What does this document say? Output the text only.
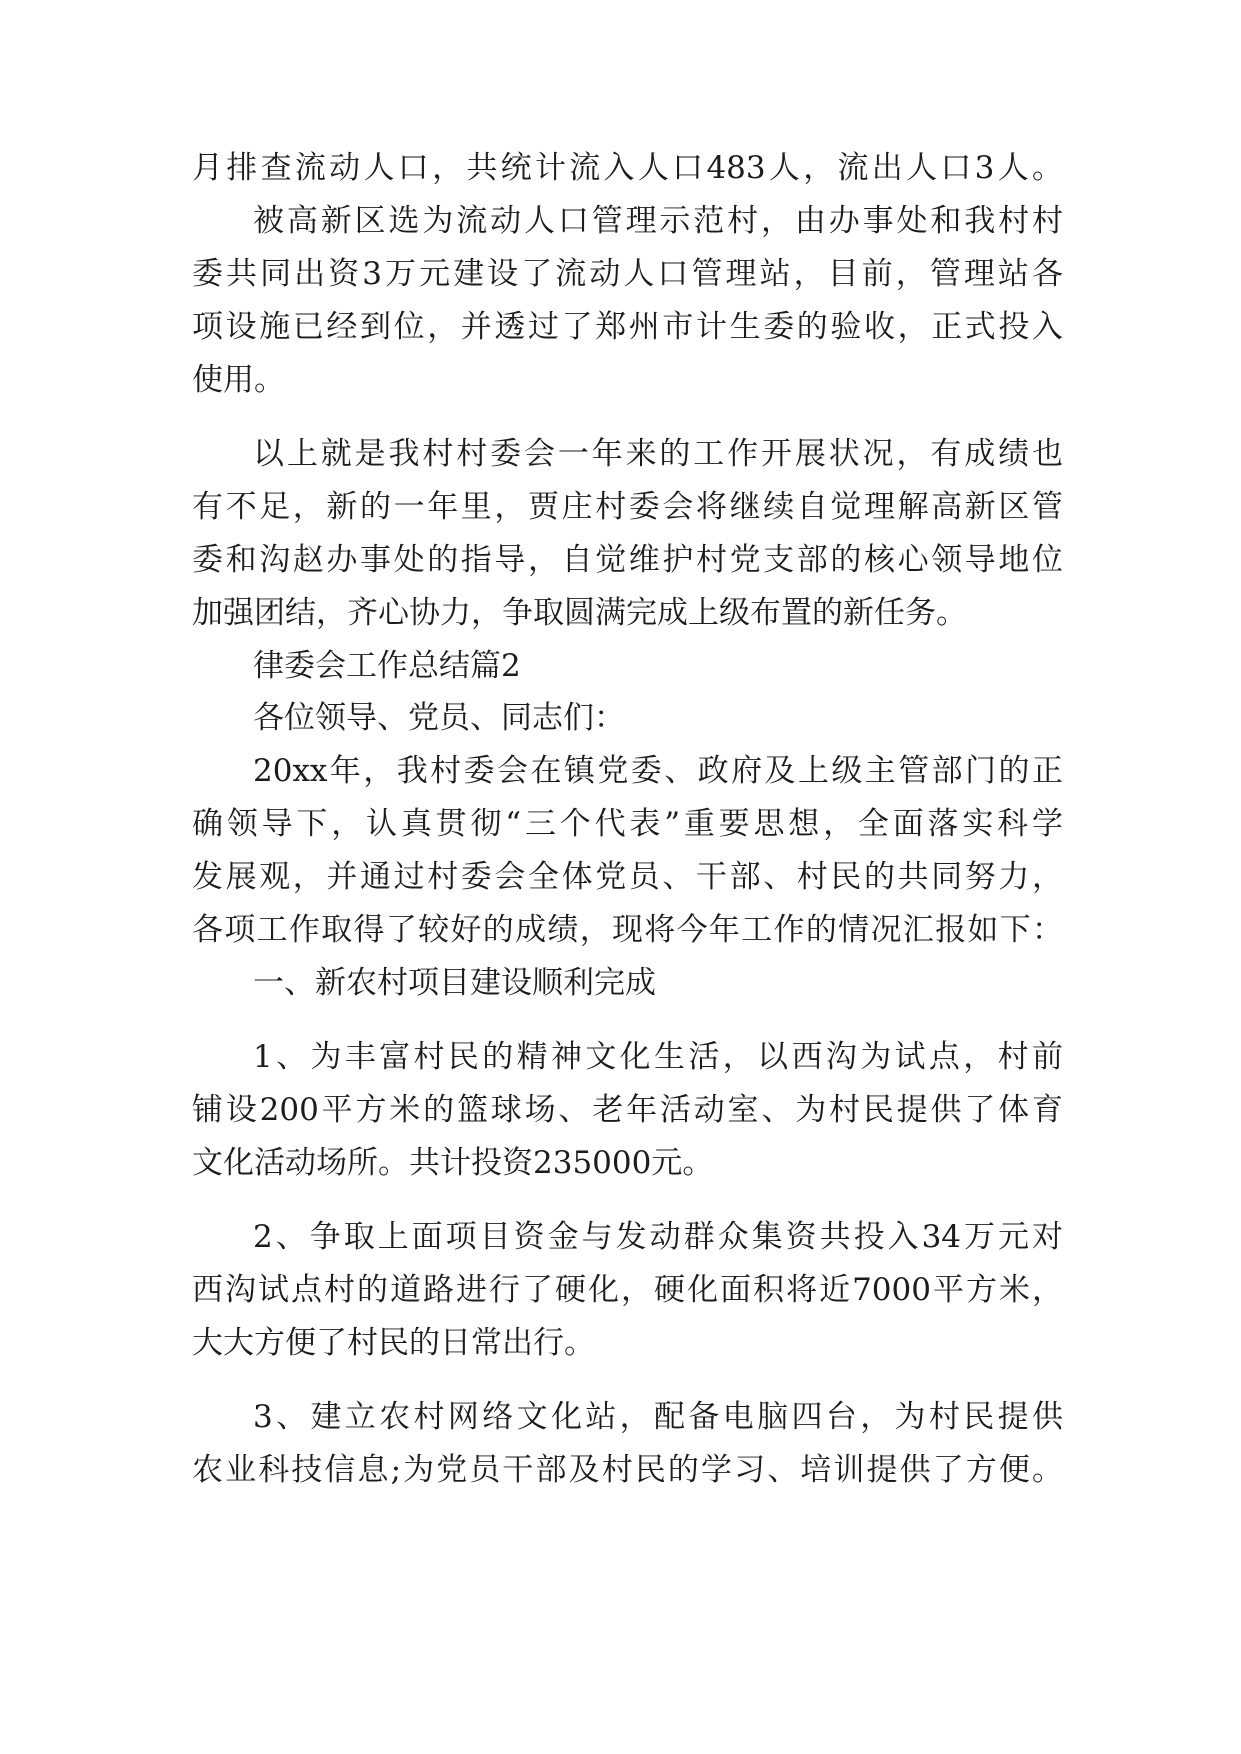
月排查流动人口，共统计流入人口483人，流出人口3人。
被高新区选为流动人口管理示范村，由办事处和我村村
委共同出资3万元建设了流动人口管理站，目前，管理站各
项设施已经到位，并透过了郑州市计生委的验收，正式投入
使用。
以上就是我村村委会一年来的工作开展状况，有成绩也
有不足，新的一年里，贾庄村委会将继续自觉理解高新区管
委和沟赵办事处的指导，自觉维护村党支部的核心领导地位
加强团结，齐心协力，争取圆满完成上级布置的新任务。
律委会工作总结篇2
各位领导、党员、同志们：
20xx年，我村委会在镇党委、政府及上级主管部门的正
确领导下，认真贯彻“三个代表”重要思想，全面落实科学
发展观，并通过村委会全体党员、干部、村民的共同努力，
各项工作取得了较好的成绩，现将今年工作的情况汇报如下：
一、新农村项目建设顺利完成
1、为丰富村民的精神文化生活，以西沟为试点，村前
铺设200平方米的篮球场、老年活动室、为村民提供了体育
文化活动场所。共计投资235000元。
2、争取上面项目资金与发动群众集资共投入34万元对
西沟试点村的道路进行了硬化，硬化面积将近7000平方米，
大大方便了村民的日常出行。
3、建立农村网络文化站，配备电脑四台，为村民提供
农业科技信息;为党员干部及村民的学习、培训提供了方便。
